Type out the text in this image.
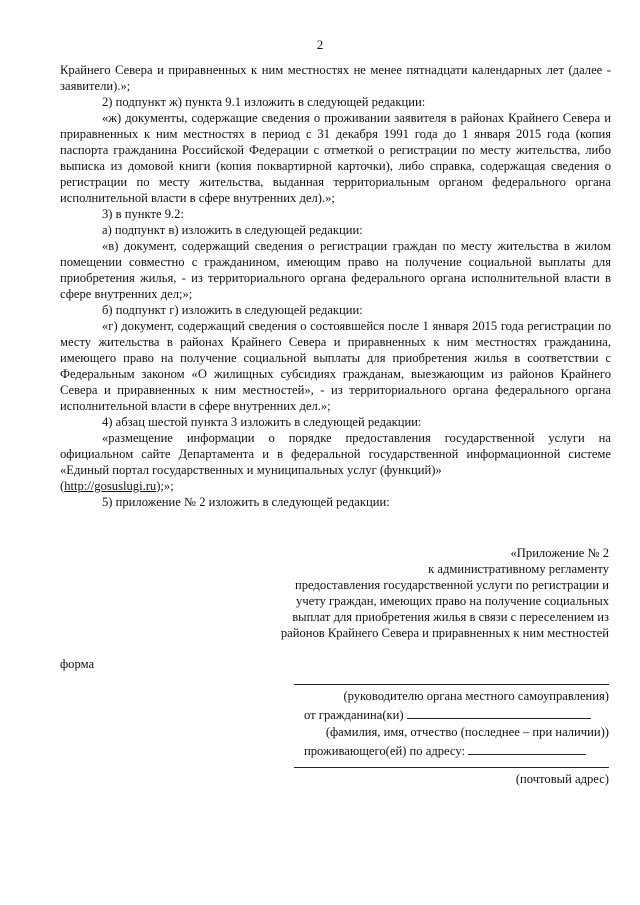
2

Крайнего Севера и приравненных к ним местностях не менее пятнадцати календарных лет (далее - заявители).»;

2) подпункт ж) пункта 9.1 изложить в следующей редакции:

«ж) документы, содержащие сведения о проживании заявителя в районах Крайнего Севера и приравненных к ним местностях в период с 31 декабря 1991 года до 1 января 2015 года (копия паспорта гражданина Российской Федерации с отметкой о регистрации по месту жительства, либо выписка из домовой книги (копия поквартирной карточки), либо справка, содержащая сведения о регистрации по месту жительства, выданная территориальным органом федерального органа исполнительной власти в сфере внутренних дел).»;

3) в пункте 9.2:

а) подпункт в) изложить в следующей редакции:

«в) документ, содержащий сведения о регистрации граждан по месту жительства в жилом помещении совместно с гражданином, имеющим право на получение социальной выплаты для приобретения жилья, - из территориального органа федерального органа исполнительной власти в сфере внутренних дел;»;

б) подпункт г) изложить в следующей редакции:

«г) документ, содержащий сведения о состоявшейся после 1 января 2015 года регистрации по месту жительства в районах Крайнего Севера и приравненных к ним местностях гражданина, имеющего право на получение социальной выплаты для приобретения жилья в соответствии с Федеральным законом «О жилищных субсидиях гражданам, выезжающим из районов Крайнего Севера и приравненных к ним местностей», - из территориального органа федерального органа исполнительной власти в сфере внутренних дел.»;

4) абзац шестой пункта 3 изложить в следующей редакции:

«размещение информации о порядке предоставления государственной услуги на официальном сайте Департамента и в федеральной государственной информационной системе «Единый портал государственных и муниципальных услуг (функций)»

(http://gosuslugi.ru);»;

5) приложение № 2 изложить в следующей редакции:

«Приложение № 2
к административному регламенту
предоставления государственной услуги по регистрации и
учету граждан, имеющих право на получение социальных
выплат для приобретения жилья в связи с переселением из
районов Крайнего Севера и приравненных к ним местностей
форма
(руководителю органа местного самоуправления)
от гражданина(ки)
(фамилия, имя, отчество (последнее – при наличии))
проживающего(ей) по адресу:
(почтовый адрес)
